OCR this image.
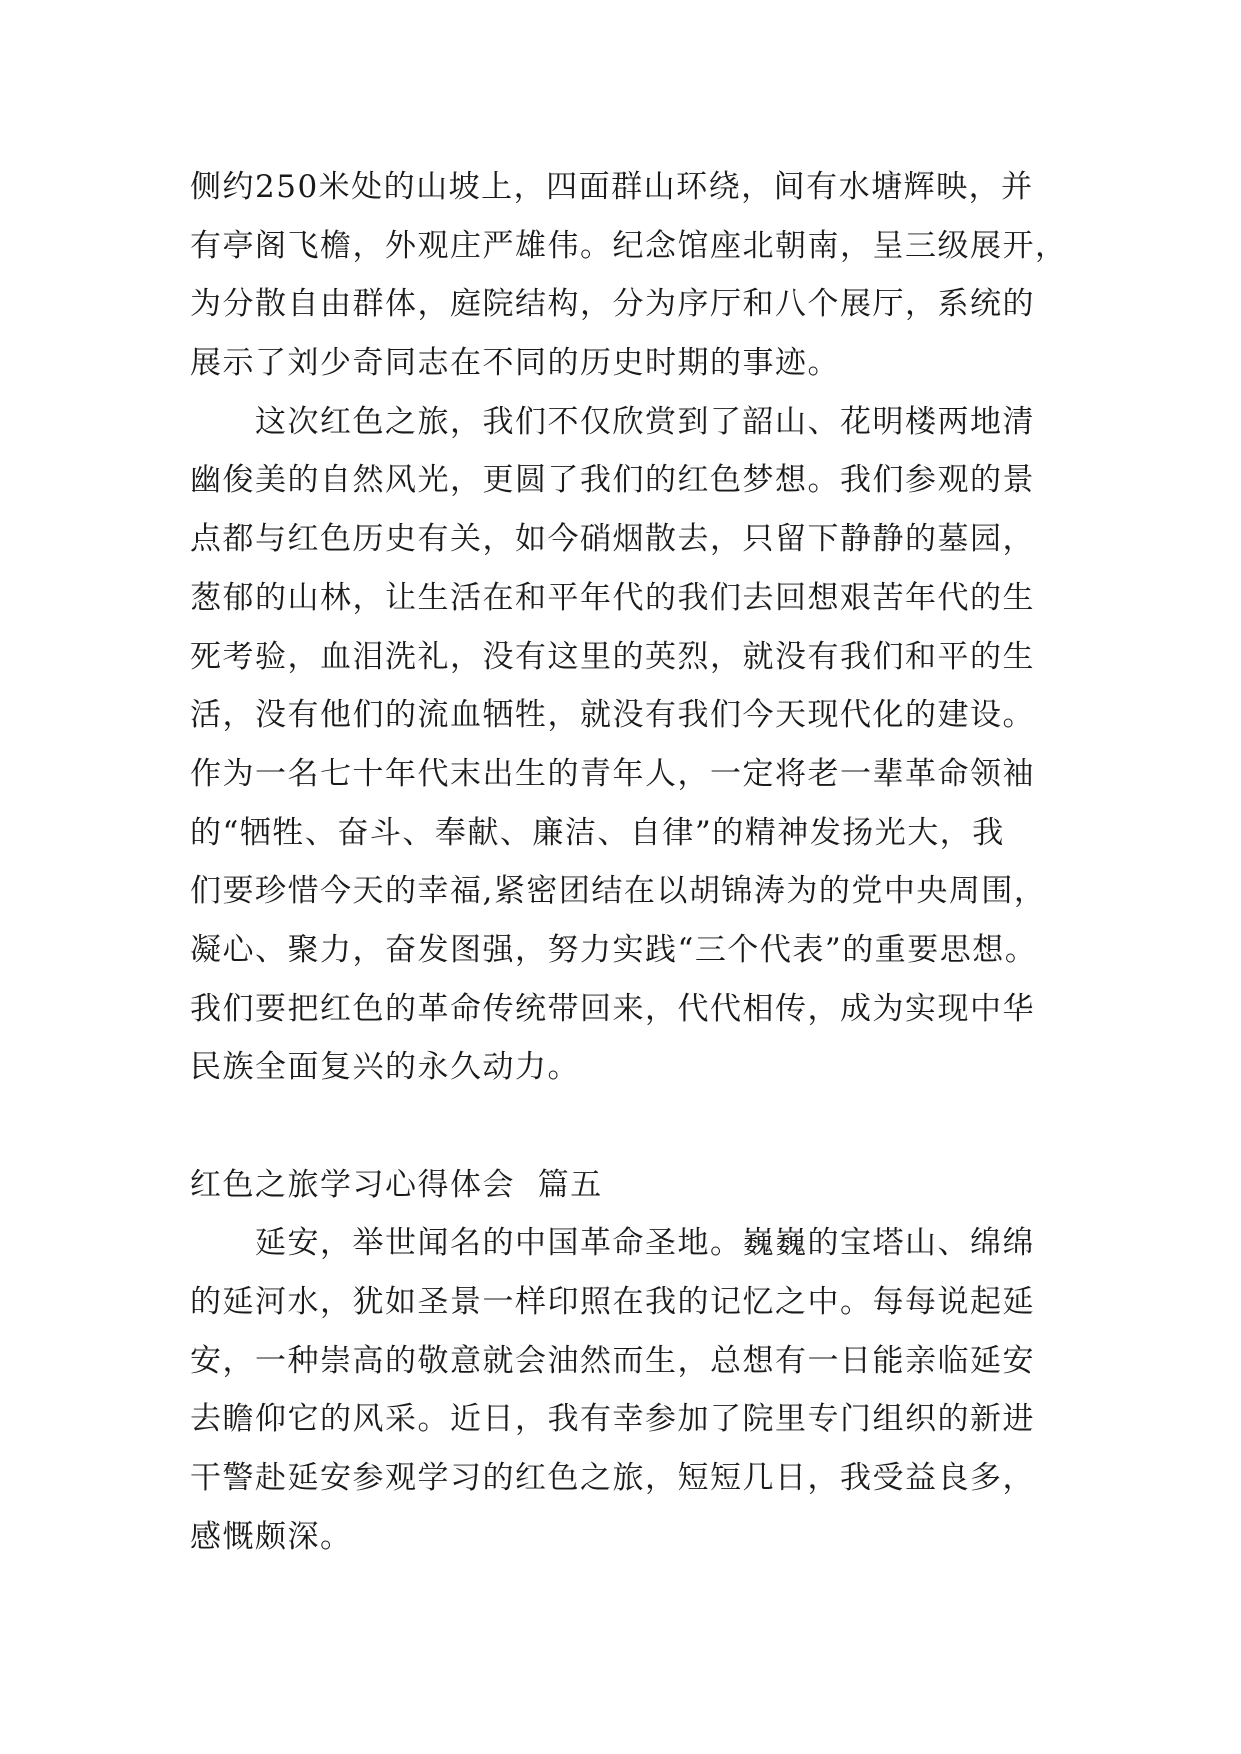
侧约250米处的山坡上，四面群山环绕，间有水塘辉映，并
有亭阁飞檐，外观庄严雄伟。纪念馆座北朝南，呈三级展开，
为分散自由群体，庭院结构，分为序厅和八个展厅，系统的
展示了刘少奇同志在不同的历史时期的事迹。
这次红色之旅，我们不仅欣赏到了韶山、花明楼两地清
幽俊美的自然风光，更圆了我们的红色梦想。我们参观的景
点都与红色历史有关，如今硝烟散去，只留下静静的墓园，
葱郁的山林，让生活在和平年代的我们去回想艰苦年代的生
死考验，血泪洗礼，没有这里的英烈，就没有我们和平的生
活，没有他们的流血牺牲，就没有我们今天现代化的建设。
作为一名七十年代末出生的青年人，一定将老一辈革命领袖
的“牺牲、奋斗、奉献、廉洁、自律”的精神发扬光大，我
们要珍惜今天的幸福,紧密团结在以胡锦涛为的党中央周围，
凝心、聚力，奋发图强，努力实践“三个代表”的重要思想。
我们要把红色的革命传统带回来，代代相传，成为实现中华
民族全面复兴的永久动力。
红色之旅学习心得体会  篇五
延安，举世闻名的中国革命圣地。巍巍的宝塔山、绵绵
的延河水，犹如圣景一样印照在我的记忆之中。每每说起延
安，一种崇高的敬意就会油然而生，总想有一日能亲临延安
去瞻仰它的风采。近日，我有幸参加了院里专门组织的新进
干警赴延安参观学习的红色之旅，短短几日，我受益良多，
感慨颇深。
